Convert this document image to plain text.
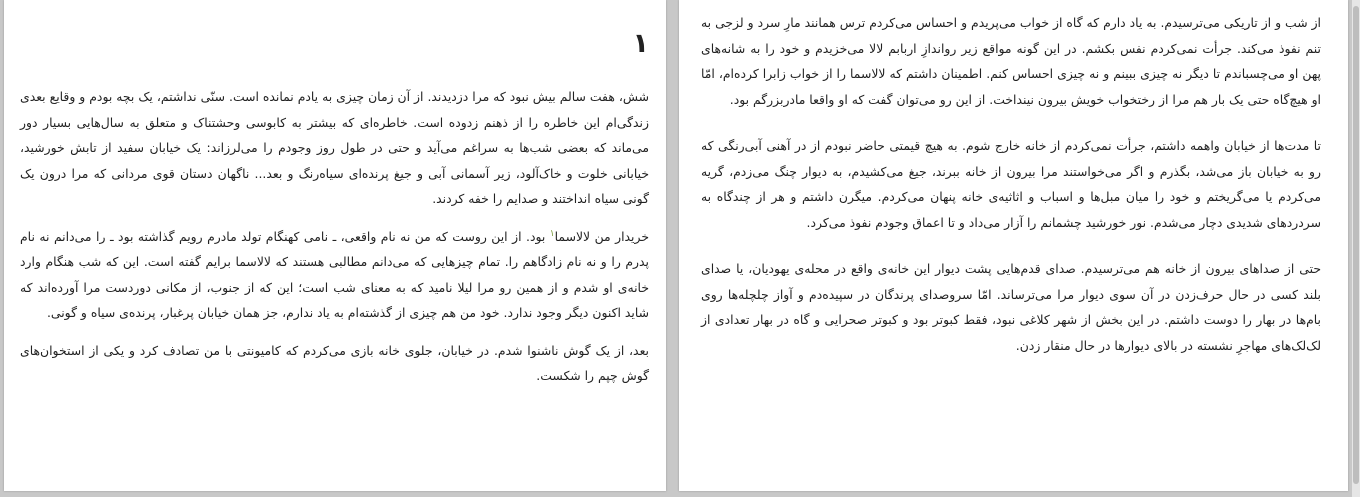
۱

شش، هفت سالم بیش نبود که مرا دزدیدند. از آن زمان چیزی به یادم نمانده است. سنّی نداشتم، یک بچه بودم و وقایع بعدی زندگی‌ام این خاطره را از ذهنم زدوده است. خاطره‌ای که بیشتر به کابوسی وحشتناک و متعلق به سال‌هایی بسیار دور می‌ماند که بعضی شب‌ها به سراغم می‌آید و حتی در طول روز وجودم را می‌لرزاند: یک خیابان سفید از تابش خورشید، خیابانی خلوت و خاک‌آلود، زیر آسمانی آبی و جیغ پرنده‌ای سیاه‌رنگ و بعد... ناگهان دستان قوی مردانی که مرا درون یک گونی سیاه انداختند و صدایم را خفه کردند.

خریدار من لالاسما$^۱$ بود. از این روست که من نه نام واقعی، ـ نامی کهنگام تولد مادرم رویم گذاشته بود ـ را می‌دانم نه نام پدرم را و نه نام زادگاهم را. تمام چیزهایی که می‌دانم مطالبی هستند که لالاسما برایم گفته است. این که شب هنگام وارد خانه‌ی او شدم و از همین رو مرا لیلا نامید که به معنای شب است؛ این که از جنوب، از مکانی دوردست مرا آورده‌اند که شاید اکنون دیگر وجود ندارد. خود من هم چیزی از گذشته‌ام به یاد ندارم، جز همان خیابان پرغبار، پرنده‌ی سیاه و گونی.

بعد، از یک گوش ناشنوا شدم. در خیابان، جلوی خانه بازی می‌کردم که کامیونتی با من تصادف کرد و یکی از استخوان‌های گوش چپم را شکست.

از شب و از تاریکی می‌ترسیدم. به یاد دارم که گاه از خواب می‌پریدم و احساس می‌کردم ترس همانند مارِ سرد و لزجی به تنم نفوذ می‌کند. جرأت نمی‌کردم نفس بکشم. در این گونه مواقع زیر رواندازِ اربابم لالا می‌خزیدم و خود را به شانه‌های پهن او می‌چسباندم تا دیگر نه چیزی ببینم و نه چیزی احساس کنم. اطمینان داشتم که لالاسما را از خواب زابرا کرده‌ام، امّا او هیچ‌گاه حتی یک بار هم مرا از رختخواب خویش بیرون نینداخت. از این رو می‌توان گفت که او واقعا مادربزرگم بود.

تا مدت‌ها از خیابان واهمه داشتم، جرأت نمی‌کردم از خانه خارج شوم. به هیچ قیمتی حاضر نبودم از در آهنی آبی‌رنگی که رو به خیابان باز می‌شد، بگذرم و اگر می‌خواستند مرا بیرون از خانه ببرند، جیغ می‌کشیدم، به دیوار چنگ می‌زدم، گریه می‌کردم یا می‌گریختم و خود را میان مبل‌ها و اسباب و اثاثیه‌ی خانه پنهان می‌کردم. میگرن داشتم و هر از چندگاه به سردردهای شدیدی دچار می‌شدم. نور خورشید چشمانم را آزار می‌داد و تا اعماق وجودم نفوذ می‌کرد.

حتی از صداهای بیرون از خانه هم می‌ترسیدم. صدای قدم‌هایی پشت دیوار این خانه‌ی واقع در محله‌ی یهودیان، یا صدای بلند کسی در حال حرف‌زدن در آن سوی دیوار مرا می‌ترساند. امّا سروصدای پرندگان در سپیده‌دم و آواز چلچله‌ها روی بام‌ها در بهار را دوست داشتم. در این بخش از شهر کلاغی نبود، فقط کبوتر بود و کبوتر صحرایی و گاه در بهار تعدادی از لک‌لک‌های مهاجرِ نشسته در بالای دیوارها در حال منقار زدن.
